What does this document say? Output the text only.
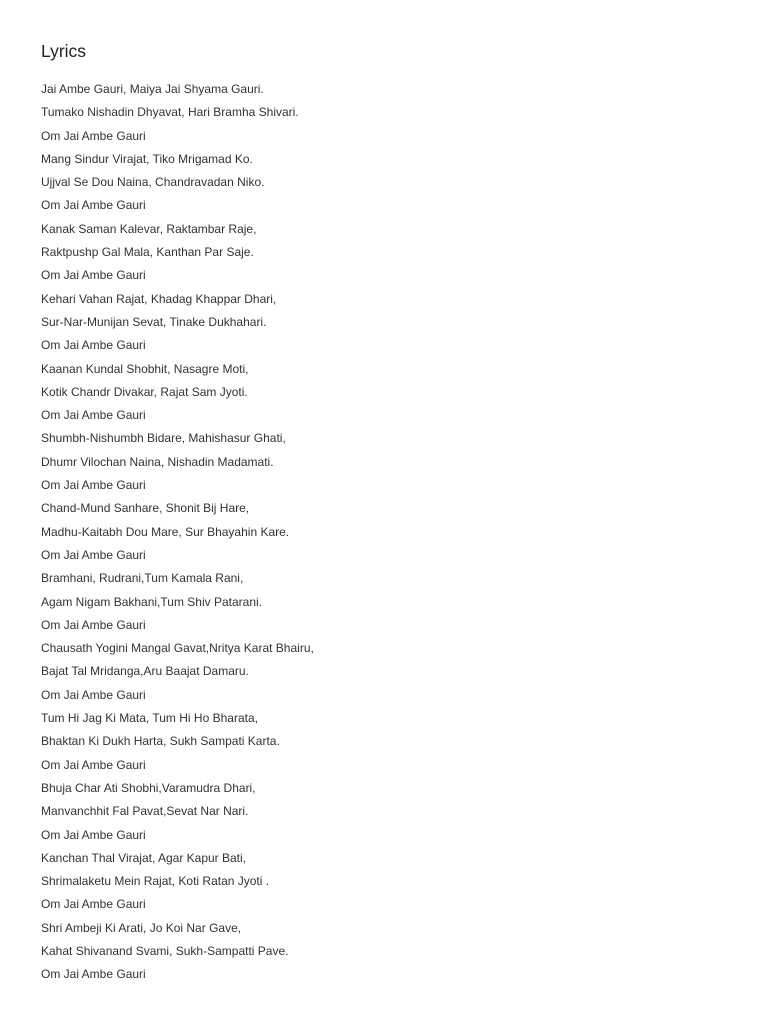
Lyrics
Jai Ambe Gauri, Maiya Jai Shyama Gauri.
Tumako Nishadin Dhyavat, Hari Bramha Shivari.
Om Jai Ambe Gauri
Mang Sindur Virajat, Tiko Mrigamad Ko.
Ujjval Se Dou Naina, Chandravadan Niko.
Om Jai Ambe Gauri
Kanak Saman Kalevar, Raktambar Raje,
Raktpushp Gal Mala, Kanthan Par Saje.
Om Jai Ambe Gauri
Kehari Vahan Rajat, Khadag Khappar Dhari,
Sur-Nar-Munijan Sevat, Tinake Dukhahari.
Om Jai Ambe Gauri
Kaanan Kundal Shobhit, Nasagre Moti,
Kotik Chandr Divakar, Rajat Sam Jyoti.
Om Jai Ambe Gauri
Shumbh-Nishumbh Bidare, Mahishasur Ghati,
Dhumr Vilochan Naina, Nishadin Madamati.
Om Jai Ambe Gauri
Chand-Mund Sanhare, Shonit Bij Hare,
Madhu-Kaitabh Dou Mare, Sur Bhayahin Kare.
Om Jai Ambe Gauri
Bramhani, Rudrani,Tum Kamala Rani,
Agam Nigam Bakhani,Tum Shiv Patarani.
Om Jai Ambe Gauri
Chausath Yogini Mangal Gavat,Nritya Karat Bhairu,
Bajat Tal Mridanga,Aru Baajat Damaru.
Om Jai Ambe Gauri
Tum Hi Jag Ki Mata, Tum Hi Ho Bharata,
Bhaktan Ki Dukh Harta, Sukh Sampati Karta.
Om Jai Ambe Gauri
Bhuja Char Ati Shobhi,Varamudra Dhari,
Manvanchhit Fal Pavat,Sevat Nar Nari.
Om Jai Ambe Gauri
Kanchan Thal Virajat, Agar Kapur Bati,
Shrimalaketu Mein Rajat, Koti Ratan Jyoti .
Om Jai Ambe Gauri
Shri Ambeji Ki Arati, Jo Koi Nar Gave,
Kahat Shivanand Svami, Sukh-Sampatti Pave.
Om Jai Ambe Gauri
